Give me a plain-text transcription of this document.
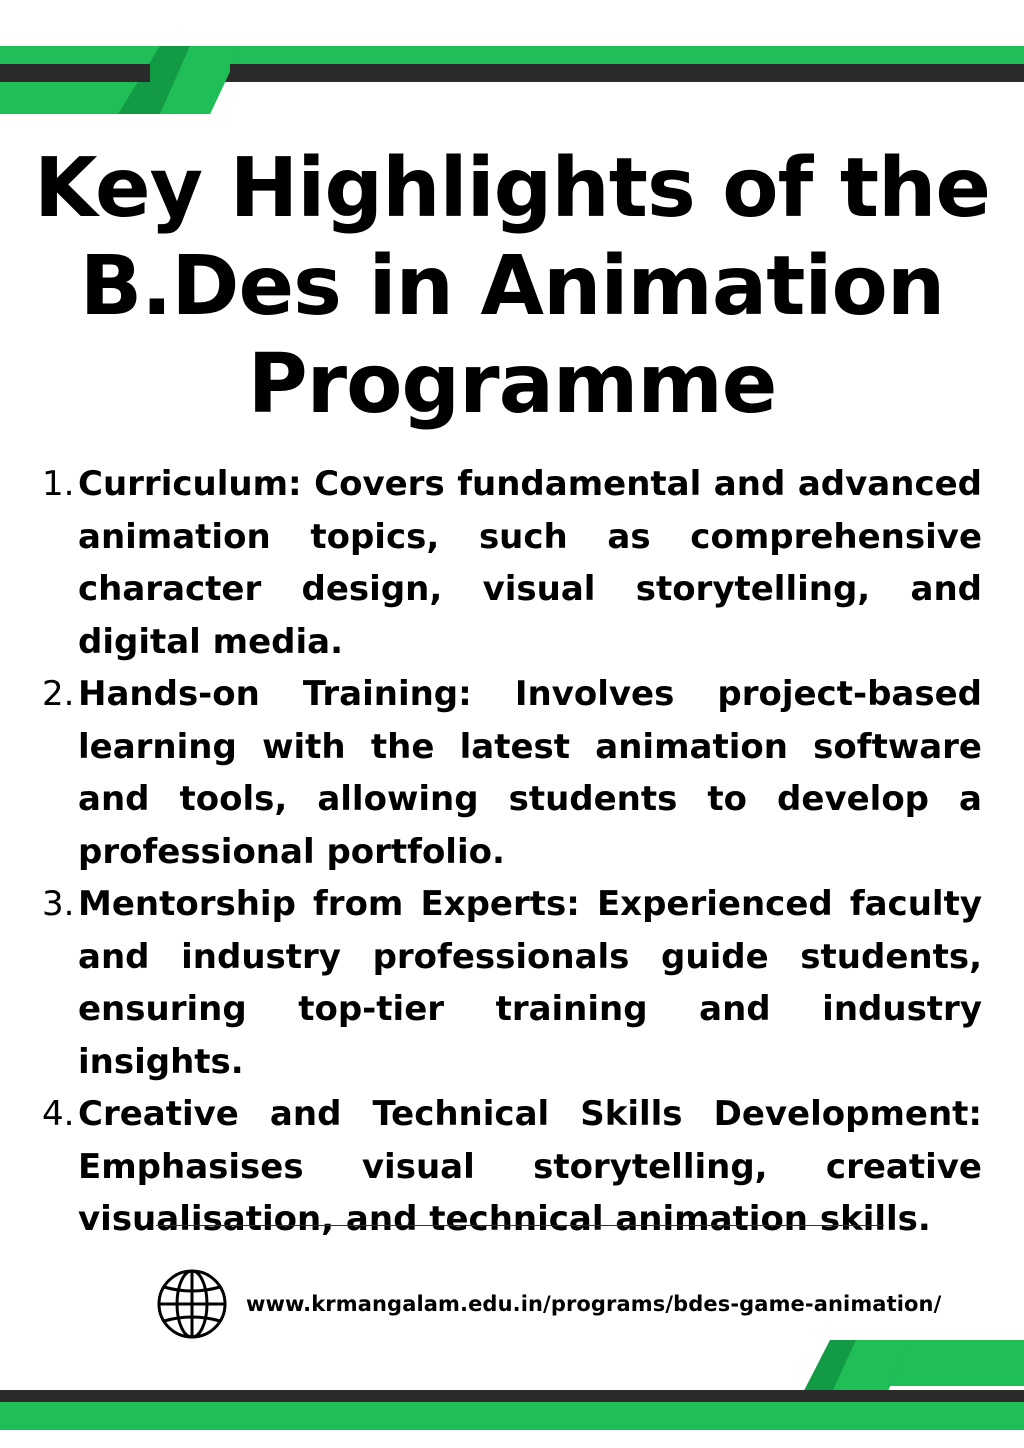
Key Highlights of the
B.Des in Animation
Programme
1. Curriculum: Covers fundamental and advanced animation topics, such as comprehensive character design, visual storytelling, and digital media.
2. Hands-on Training: Involves project-based learning with the latest animation software and tools, allowing students to develop a professional portfolio.
3. Mentorship from Experts: Experienced faculty and industry professionals guide students, ensuring top-tier training and industry insights.
4. Creative and Technical Skills Development: Emphasises visual storytelling, creative visualisation, and technical animation skills.
www.krmangalam.edu.in/programs/bdes-game-animation/
